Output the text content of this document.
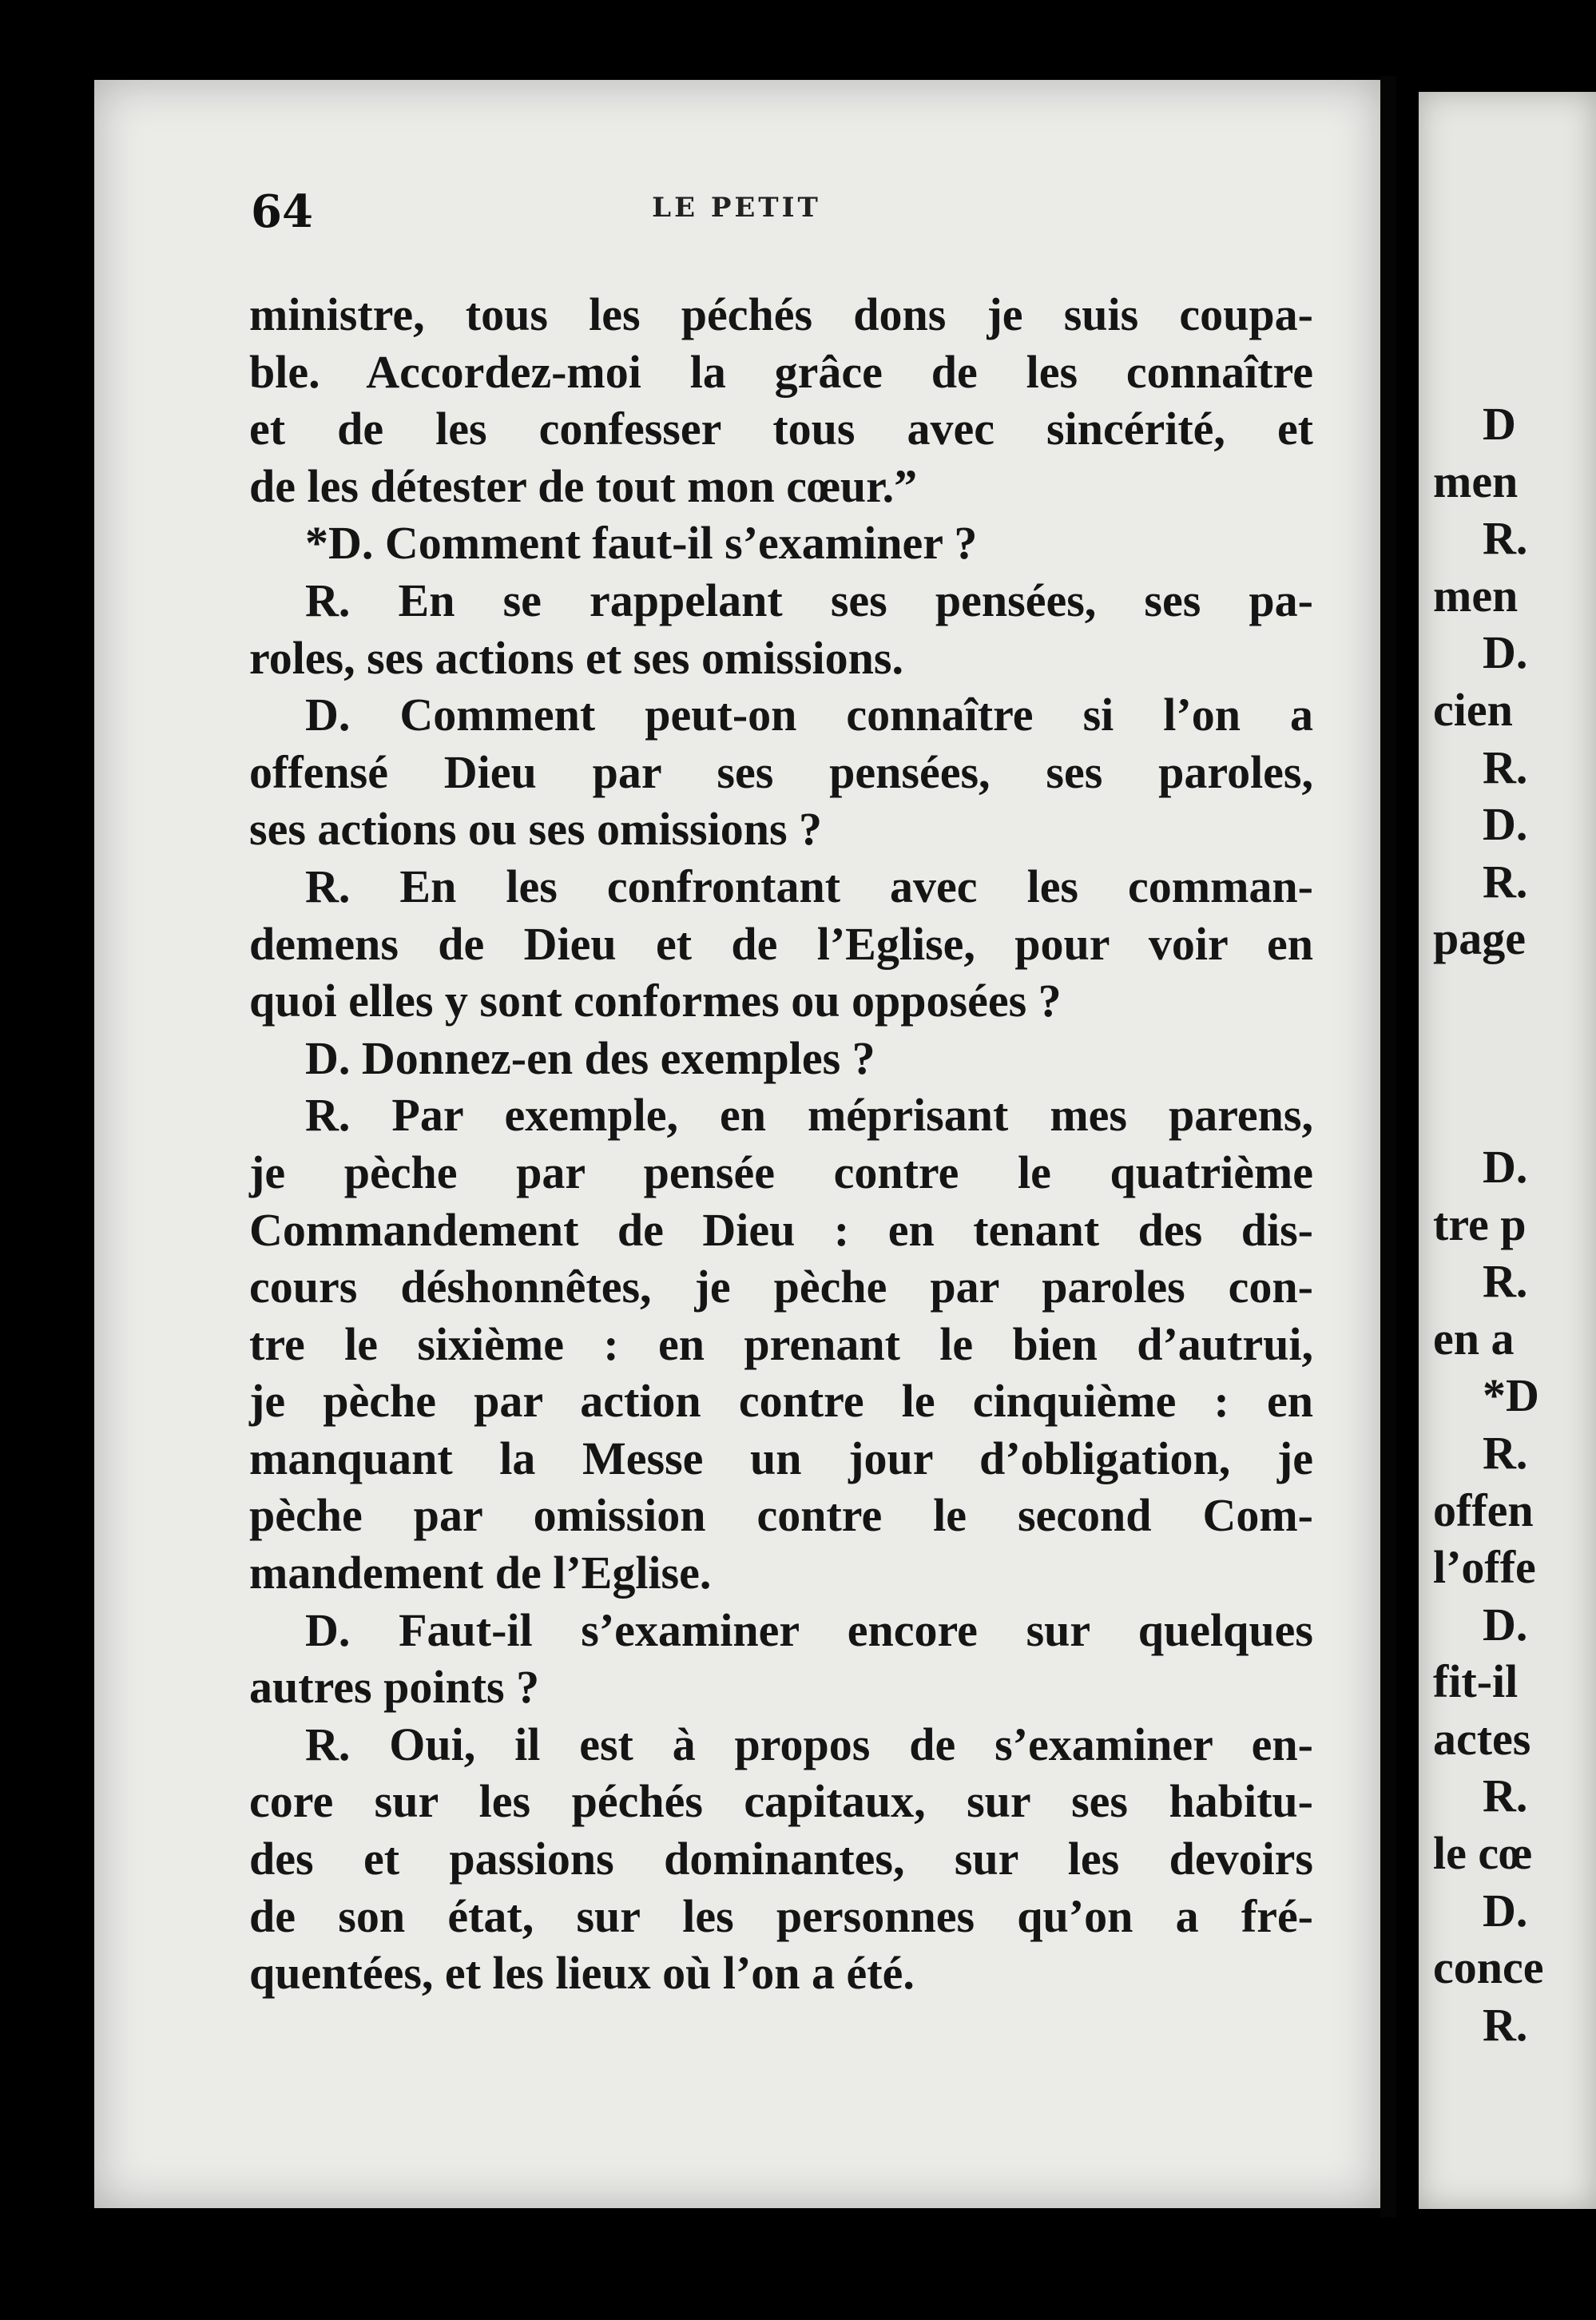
D
men
R.
men
D.
cien
R.
D.
R.
page
D.
tre p
R.
en a
*D
R.
offen
l’offe
D.
fit-il
actes
R.
le cœ
D.
conce
R.
64	LE PETIT
ministre, tous les péchés dons je suis coupa-
ble. Accordez-moi la grâce de les connaître
et de les confesser tous avec sincérité, et
de les détester de tout mon cœur.”
*D. Comment faut-il s’examiner ?
R. En se rappelant ses pensées, ses pa-
roles, ses actions et ses omissions.
D. Comment peut-on connaître si l’on a
offensé Dieu par ses pensées, ses paroles,
ses actions ou ses omissions ?
R. En les confrontant avec les comman-
demens de Dieu et de l’Eglise, pour voir en
quoi elles y sont conformes ou opposées ?
D. Donnez-en des exemples ?
R. Par exemple, en méprisant mes parens,
je pèche par pensée contre le quatrième
Commandement de Dieu : en tenant des dis-
cours déshonnêtes, je pèche par paroles con-
tre le sixième : en prenant le bien d’autrui,
je pèche par action contre le cinquième : en
manquant la Messe un jour d’obligation, je
pèche par omission contre le second Com-
mandement de l’Eglise.
D. Faut-il s’examiner encore sur quelques
autres points ?
R. Oui, il est à propos de s’examiner en-
core sur les péchés capitaux, sur ses habitu-
des et passions dominantes, sur les devoirs
de son état, sur les personnes qu’on a fré-
quentées, et les lieux où l’on a été.
